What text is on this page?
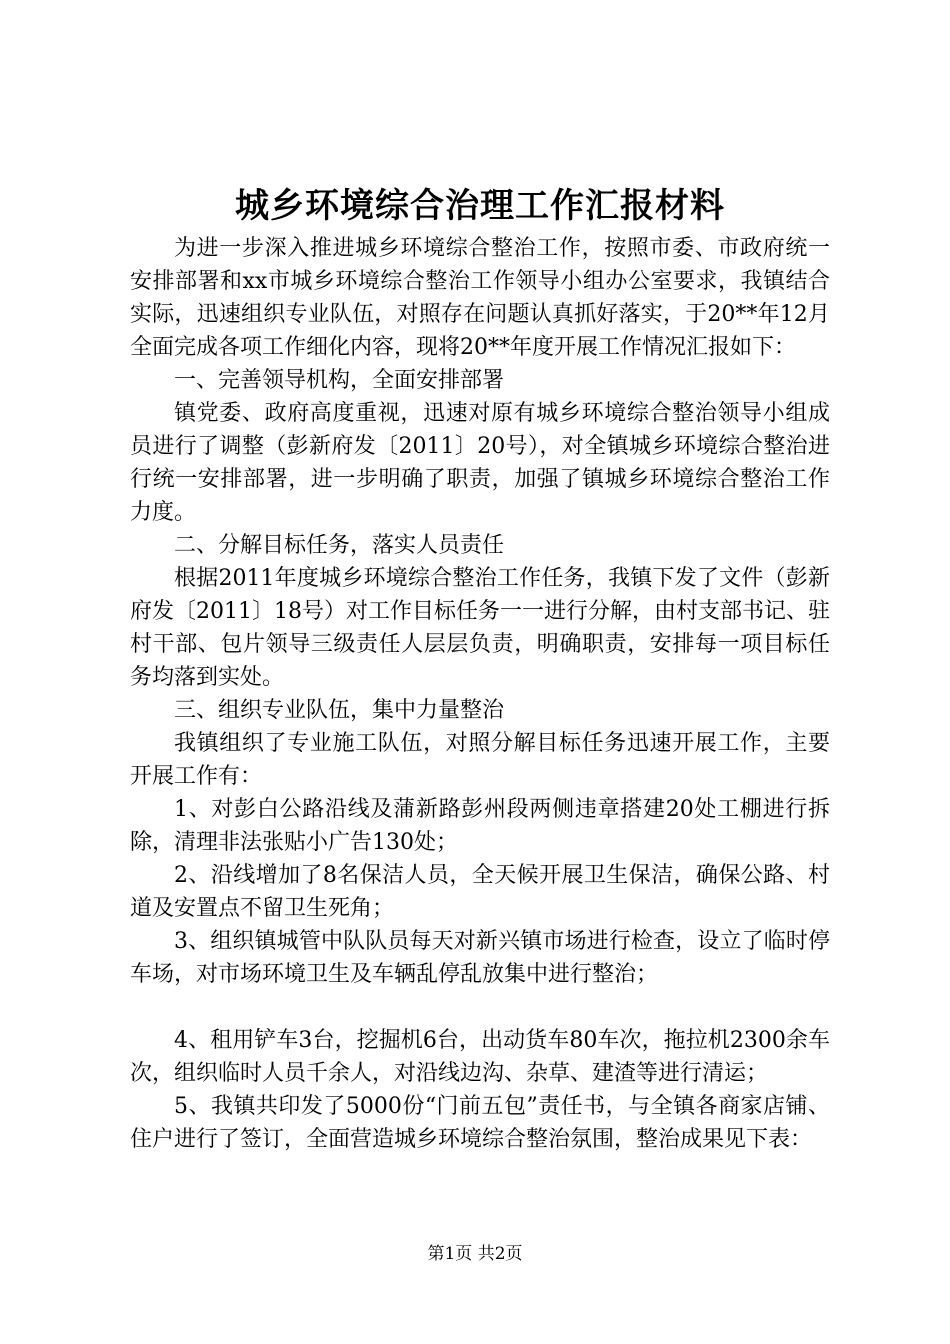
城乡环境综合治理工作汇报材料

为进一步深入推进城乡环境综合整治工作，按照市委、市政府统一安排部署和xx市城乡环境综合整治工作领导小组办公室要求，我镇结合实际，迅速组织专业队伍，对照存在问题认真抓好落实，于20**年12月全面完成各项工作细化内容，现将20**年度开展工作情况汇报如下：

一、完善领导机构，全面安排部署

镇党委、政府高度重视，迅速对原有城乡环境综合整治领导小组成员进行了调整（彭新府发〔2011〕20号），对全镇城乡环境综合整治进行统一安排部署，进一步明确了职责，加强了镇城乡环境综合整治工作力度。

二、分解目标任务，落实人员责任

根据2011年度城乡环境综合整治工作任务，我镇下发了文件（彭新府发〔2011〕18号）对工作目标任务一一进行分解，由村支部书记、驻村干部、包片领导三级责任人层层负责，明确职责，安排每一项目标任务均落到实处。

三、组织专业队伍，集中力量整治

我镇组织了专业施工队伍，对照分解目标任务迅速开展工作，主要开展工作有：

1、对彭白公路沿线及蒲新路彭州段两侧违章搭建20处工棚进行拆除，清理非法张贴小广告130处；

2、沿线增加了8名保洁人员，全天候开展卫生保洁，确保公路、村道及安置点不留卫生死角；

3、组织镇城管中队队员每天对新兴镇市场进行检查，设立了临时停车场，对市场环境卫生及车辆乱停乱放集中进行整治；

4、租用铲车3台，挖掘机6台，出动货车80车次，拖拉机2300余车次，组织临时人员千余人，对沿线边沟、杂草、建渣等进行清运；

5、我镇共印发了5000份“门前五包”责任书，与全镇各商家店铺、住户进行了签订，全面营造城乡环境综合整治氛围，整治成果见下表：

第1页 共2页
